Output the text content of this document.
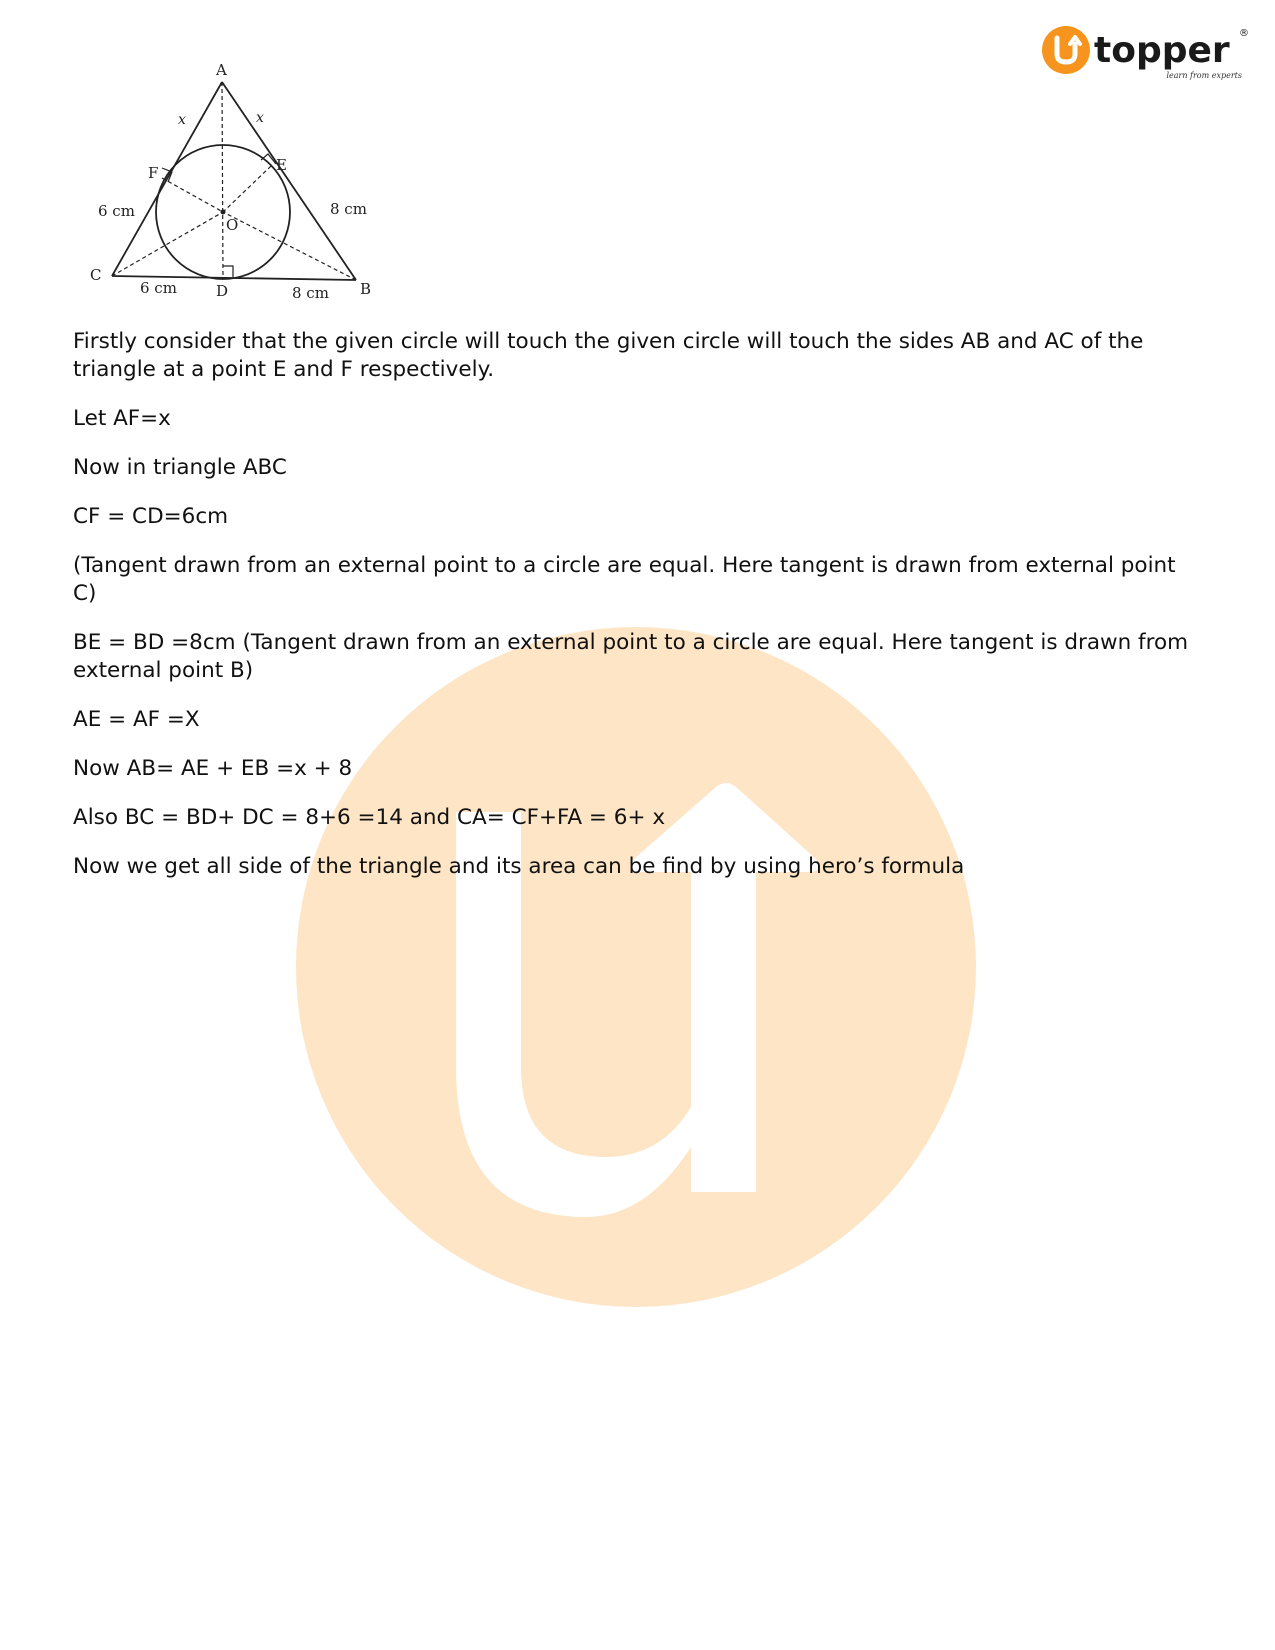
topper ®
learn from experts
A
B
C
D
E
F
O
6 cm	8 cm
6 cm	8 cm
x	x

Firstly consider that the given circle will touch the given circle will touch the sides AB and AC of the triangle at a point E and F respectively.

Let AF=x

Now in triangle ABC

CF = CD=6cm

(Tangent drawn from an external point to a circle are equal. Here tangent is drawn from external point C)

BE = BD =8cm (Tangent drawn from an external point to a circle are equal. Here tangent is drawn from external point B)

AE = AF =X

Now AB= AE + EB =x + 8

Also BC = BD+ DC = 8+6 =14 and CA= CF+FA = 6+ x

Now we get all side of the triangle and its area can be find by using hero’s formula
